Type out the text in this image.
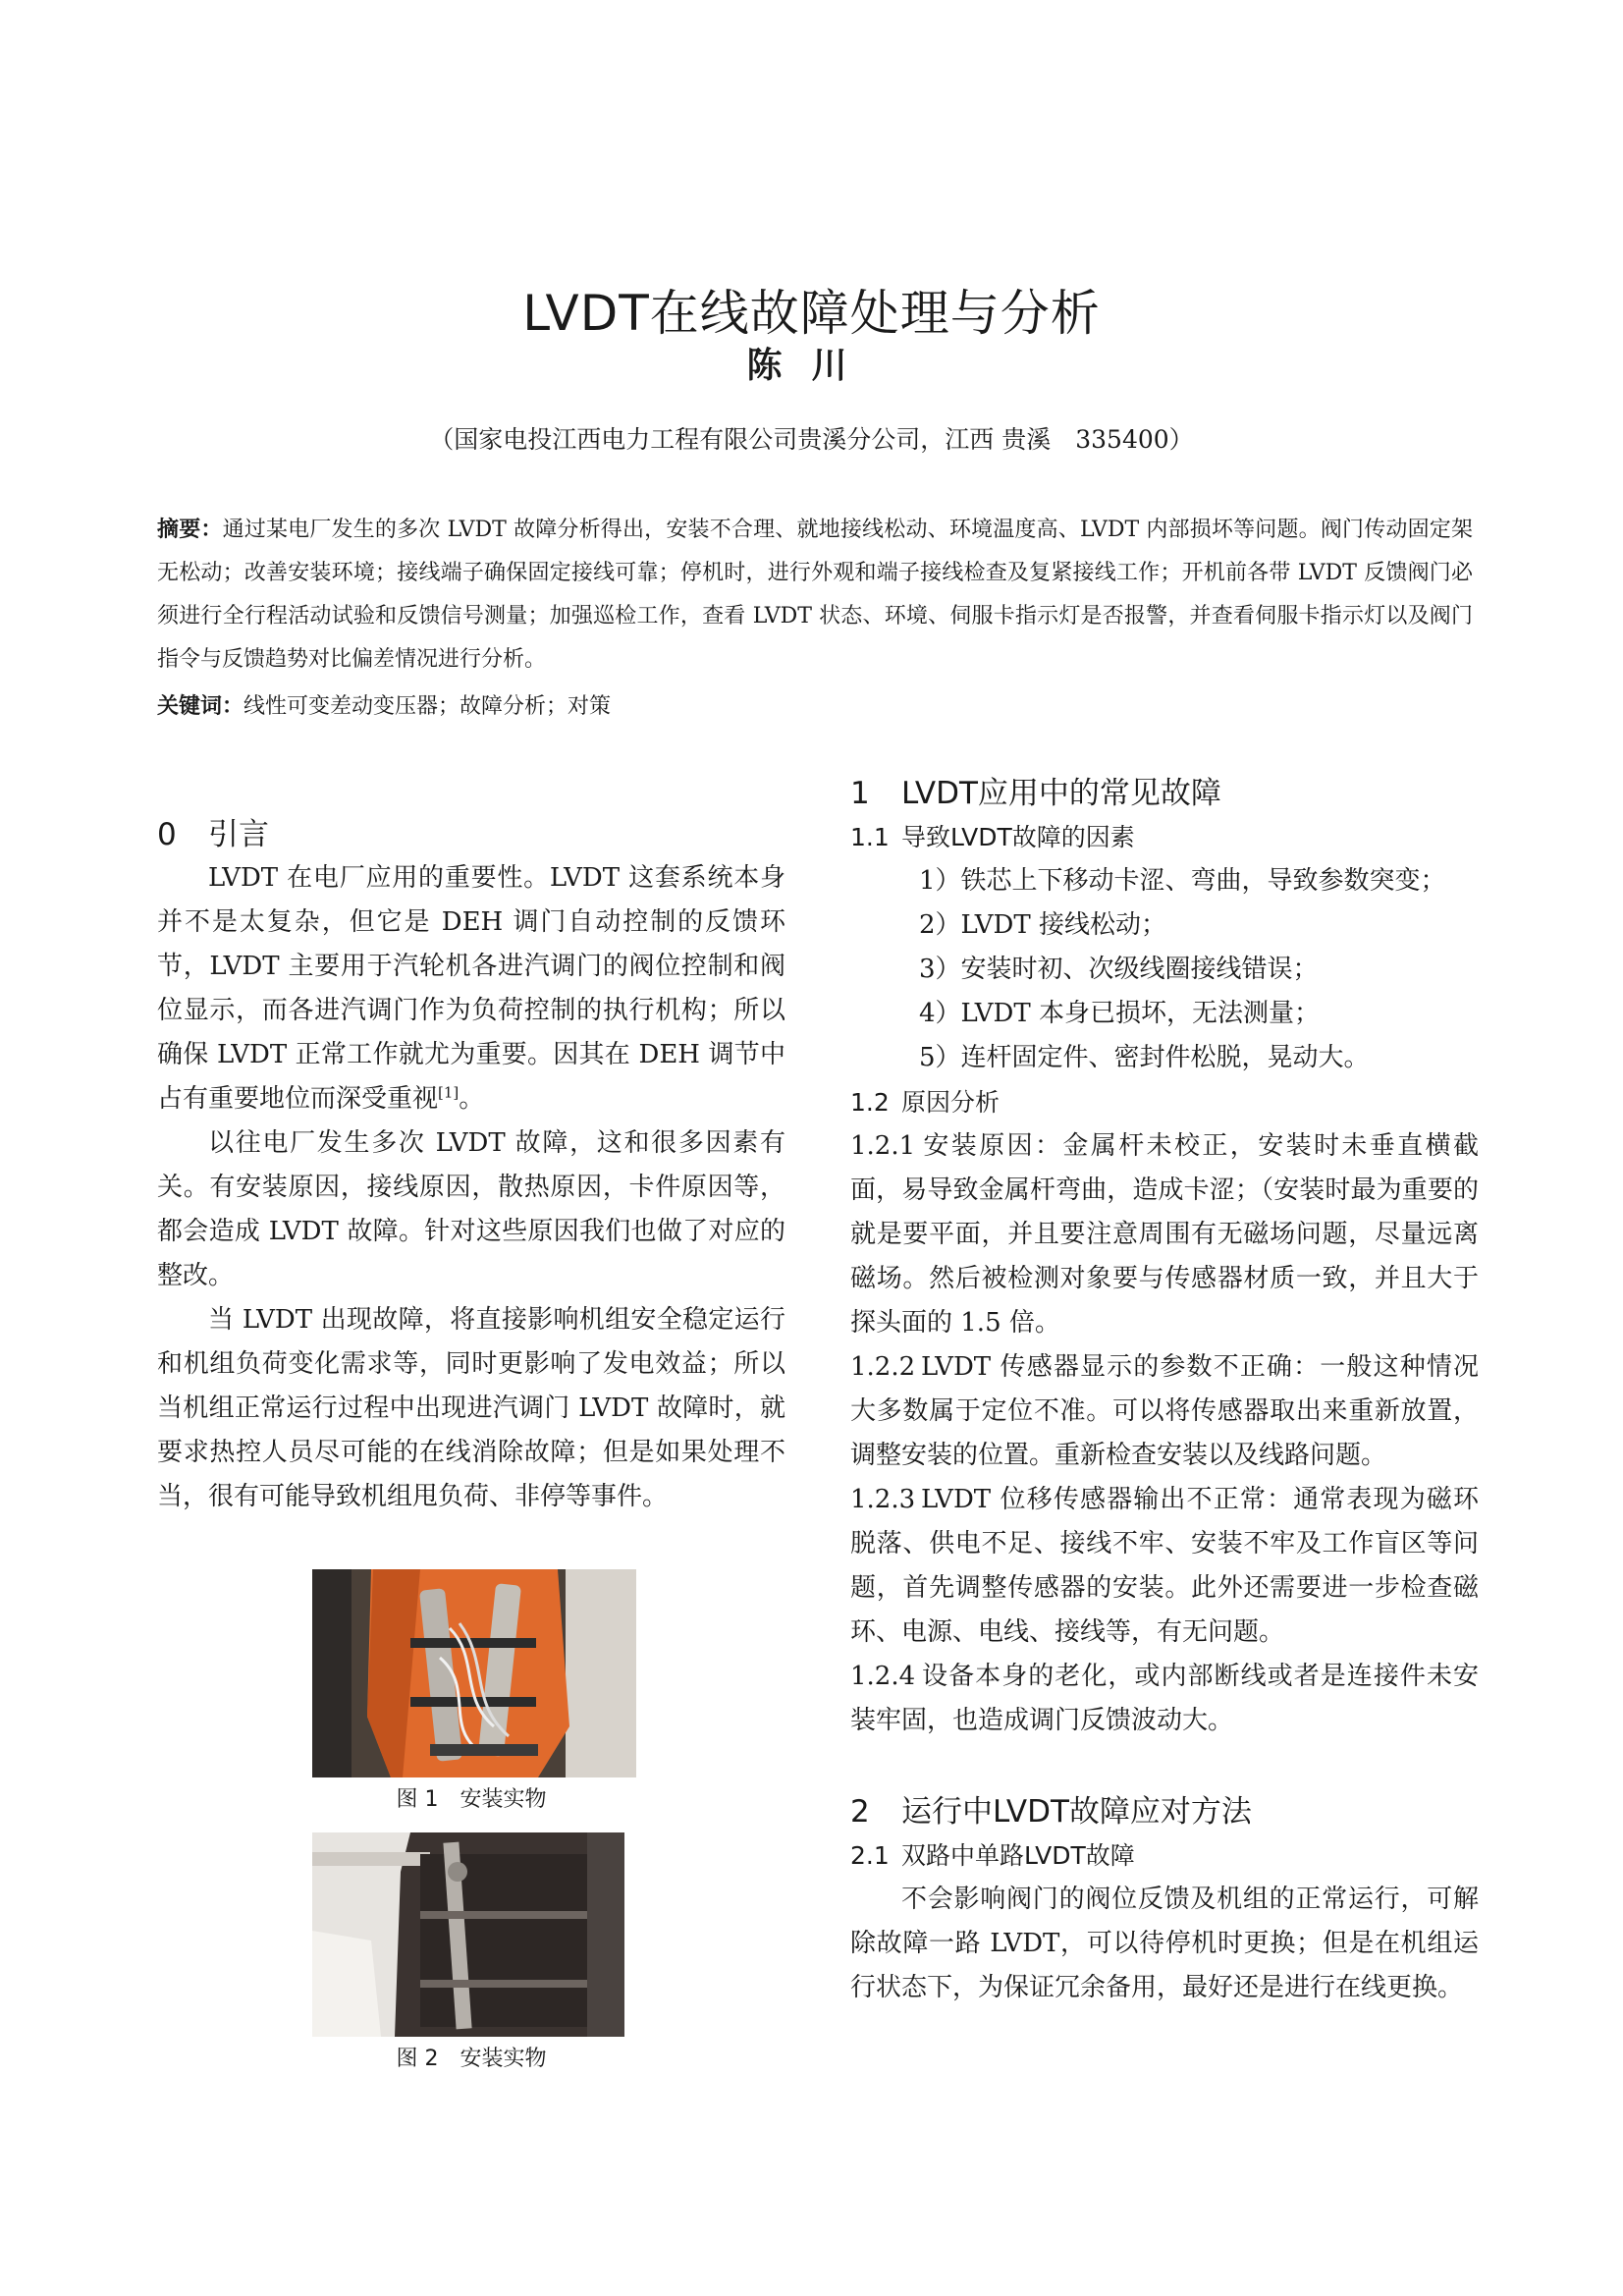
LVDT在线故障处理与分析
陈川
（国家电投江西电力工程有限公司贵溪分公司，江西 贵溪　335400）
摘要：通过某电厂发生的多次 LVDT 故障分析得出，安装不合理、就地接线松动、环境温度高、LVDT 内部损坏等问题。阀门传动固定架无松动；改善安装环境；接线端子确保固定接线可靠；停机时，进行外观和端子接线检查及复紧接线工作；开机前各带 LVDT 反馈阀门必须进行全行程活动试验和反馈信号测量；加强巡检工作，查看 LVDT 状态、环境、伺服卡指示灯是否报警，并查看伺服卡指示灯以及阀门指令与反馈趋势对比偏差情况进行分析。
关键词：线性可变差动变压器；故障分析；对策
0 引言

LVDT 在电厂应用的重要性。LVDT 这套系统本身并不是太复杂，但它是 DEH 调门自动控制的反馈环节，LVDT 主要用于汽轮机各进汽调门的阀位控制和阀位显示，而各进汽调门作为负荷控制的执行机构；所以确保 LVDT 正常工作就尤为重要。因其在 DEH 调节中占有重要地位而深受重视[1]。

以往电厂发生多次 LVDT 故障，这和很多因素有关。有安装原因，接线原因，散热原因，卡件原因等，都会造成 LVDT 故障。针对这些原因我们也做了对应的整改。

当 LVDT 出现故障，将直接影响机组安全稳定运行和机组负荷变化需求等，同时更影响了发电效益；所以当机组正常运行过程中出现进汽调门 LVDT 故障时，就要求热控人员尽可能的在线消除故障；但是如果处理不当，很有可能导致机组甩负荷、非停等事件。

图 1　安装实物
图 2　安装实物
1 LVDT应用中的常见故障
1.1 导致LVDT故障的因素
1）铁芯上下移动卡涩、弯曲，导致参数突变；
2）LVDT 接线松动；
3）安装时初、次级线圈接线错误；
4）LVDT 本身已损坏，无法测量；
5）连杆固定件、密封件松脱，晃动大。
1.2 原因分析

1.2.1 安装原因：金属杆未校正，安装时未垂直横截面，易导致金属杆弯曲，造成卡涩；（安装时最为重要的就是要平面，并且要注意周围有无磁场问题，尽量远离磁场。然后被检测对象要与传感器材质一致，并且大于探头面的 1.5 倍。

1.2.2 LVDT 传感器显示的参数不正确：一般这种情况大多数属于定位不准。可以将传感器取出来重新放置，调整安装的位置。重新检查安装以及线路问题。

1.2.3 LVDT 位移传感器输出不正常：通常表现为磁环脱落、供电不足、接线不牢、安装不牢及工作盲区等问题，首先调整传感器的安装。此外还需要进一步检查磁环、电源、电线、接线等，有无问题。

1.2.4 设备本身的老化，或内部断线或者是连接件未安装牢固，也造成调门反馈波动大。

2 运行中LVDT故障应对方法
2.1 双路中单路LVDT故障

不会影响阀门的阀位反馈及机组的正常运行，可解除故障一路 LVDT，可以待停机时更换；但是在机组运行状态下，为保证冗余备用，最好还是进行在线更换。
